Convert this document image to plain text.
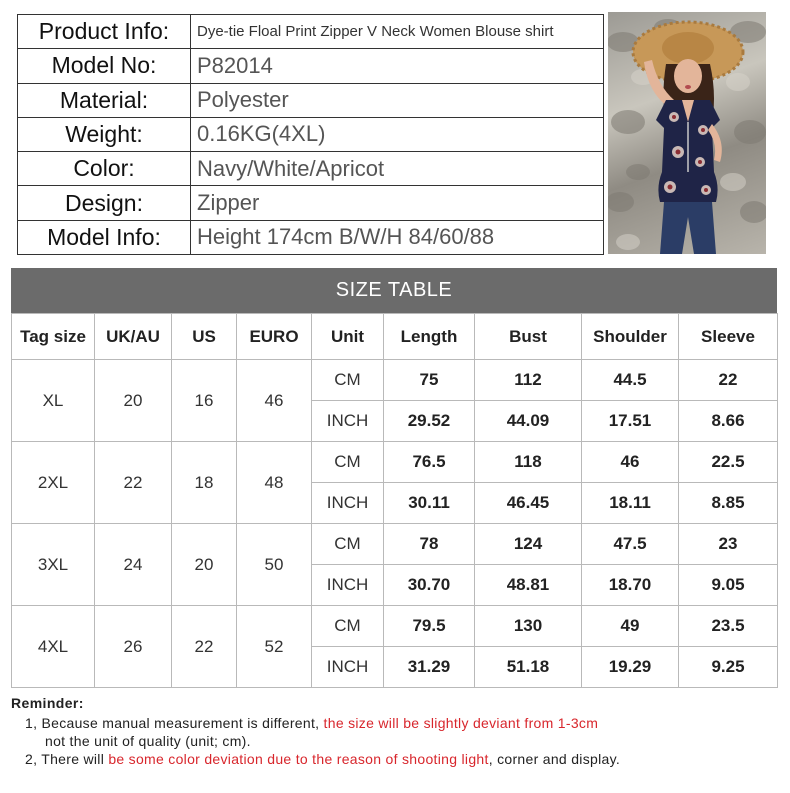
Product Info:	Dye-tie Floal Print Zipper V Neck Women Blouse shirt
Model No:	P82014
Material:	Polyester
Weight:	0.16KG(4XL)
Color:	Navy/White/Apricot
Design:	Zipper
Model Info:	Height 174cm B/W/H 84/60/88
SIZE TABLE
Tag size	UK/AU	US	EURO	Unit	Length	Bust	Shoulder	Sleeve
XL	20	16	46	CM	75	112	44.5	22
				INCH	29.52	44.09	17.51	8.66
2XL	22	18	48	CM	76.5	118	46	22.5
				INCH	30.11	46.45	18.11	8.85
3XL	24	20	50	CM	78	124	47.5	23
				INCH	30.70	48.81	18.70	9.05
4XL	26	22	52	CM	79.5	130	49	23.5
				INCH	31.29	51.18	19.29	9.25
Reminder:
1, Because manual measurement is different, the size will be slightly deviant from 1-3cm
not the unit of quality (unit; cm).
2, There will be some color deviation due to the reason of shooting light, corner and display.
